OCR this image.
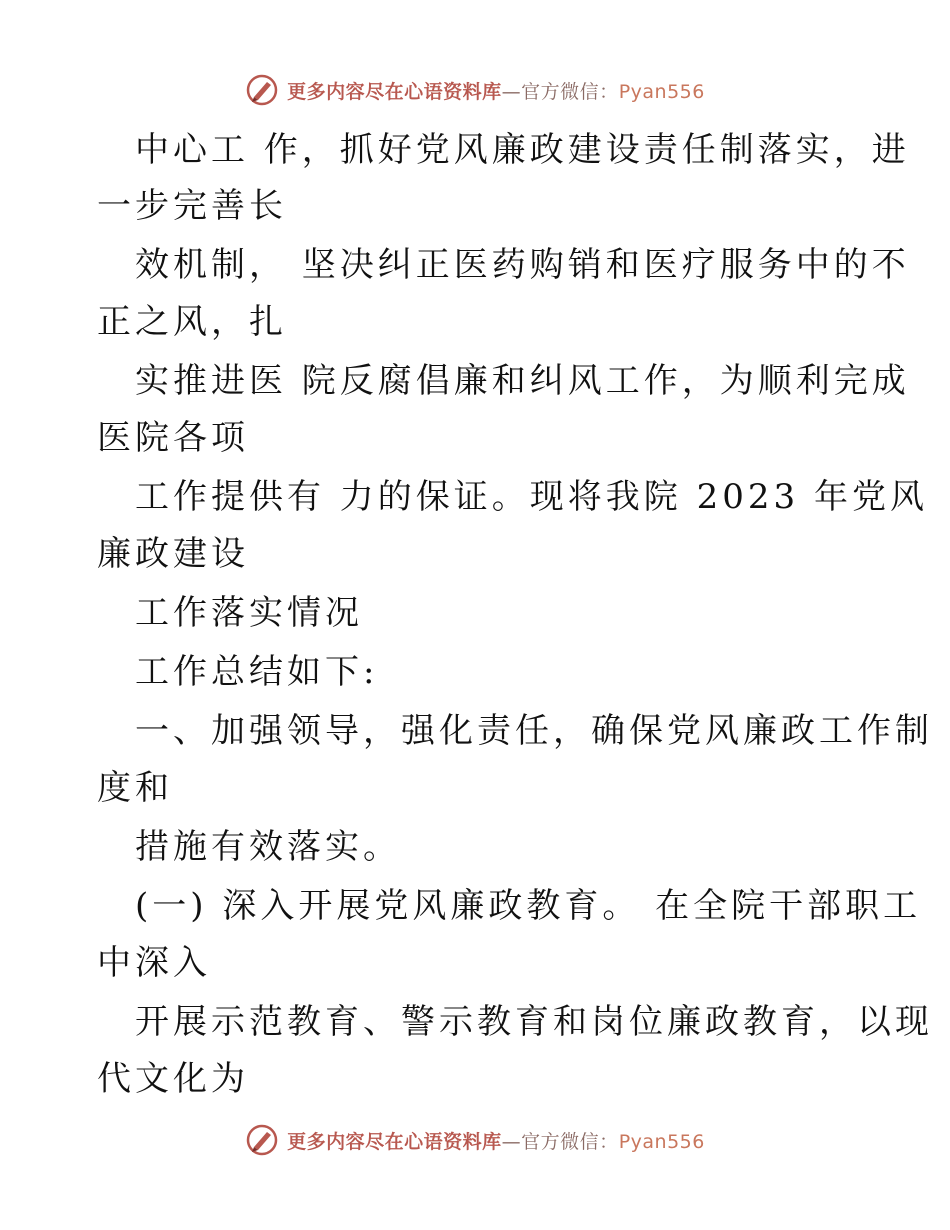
更多内容尽在心语资料库—官方微信：Pyan556
中心工 作，抓好党风廉政建设责任制落实，进
一步完善长
效机制， 坚决纠正医药购销和医疗服务中的不
正之风，扎
实推进医 院反腐倡廉和纠风工作，为顺利完成
医院各项
工作提供有 力的保证。现将我院 2023 年党风
廉政建设
工作落实情况
工作总结如下:
一、加强领导，强化责任，确保党风廉政工作制
度和
措施有效落实。
(一) 深入开展党风廉政教育。 在全院干部职工
中深入
开展示范教育、警示教育和岗位廉政教育，以现
代文化为
更多内容尽在心语资料库—官方微信：Pyan556
